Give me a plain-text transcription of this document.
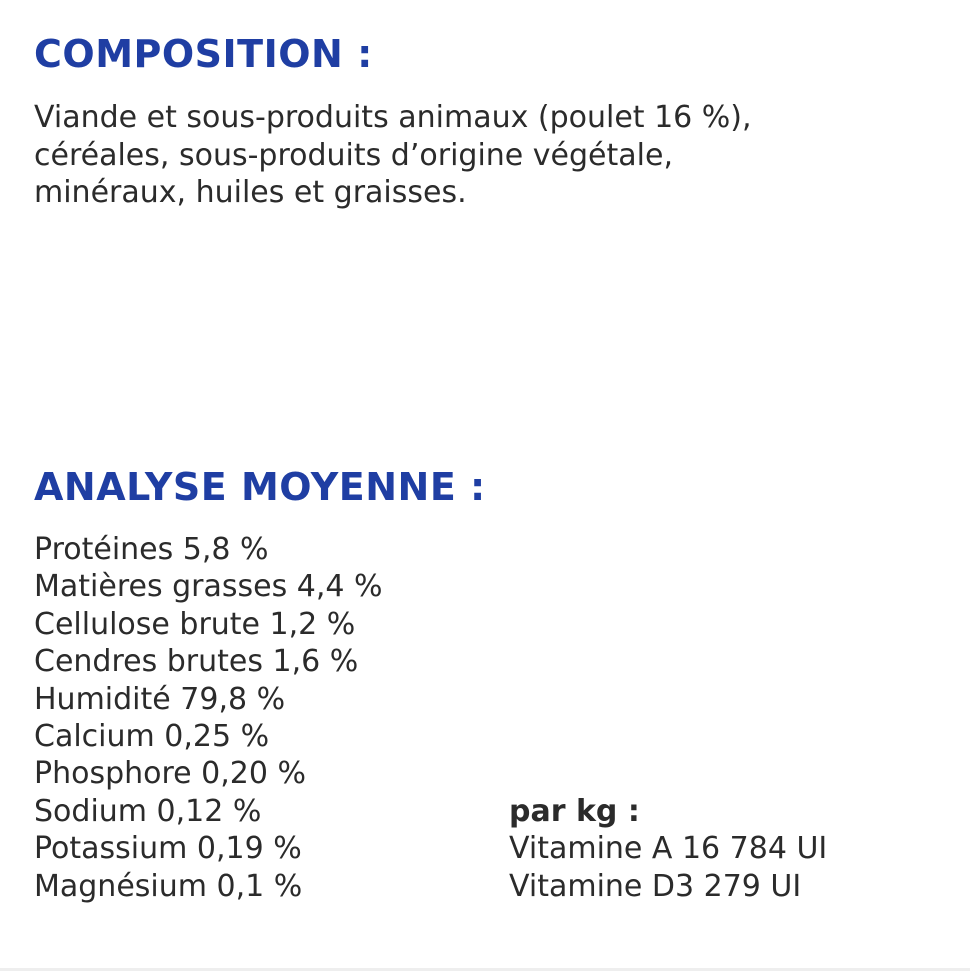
COMPOSITION :
Viande et sous-produits animaux (poulet 16 %),
céréales, sous-produits d’origine végétale,
minéraux, huiles et graisses.
ANALYSE MOYENNE :
Protéines 5,8 %
Matières grasses 4,4 %
Cellulose brute 1,2 %
Cendres brutes 1,6 %
Humidité 79,8 %
Calcium 0,25 %
Phosphore 0,20 %
Sodium 0,12 %
Potassium 0,19 %
Magnésium 0,1 %
par kg :
Vitamine A 16 784 UI
Vitamine D3 279 UI
